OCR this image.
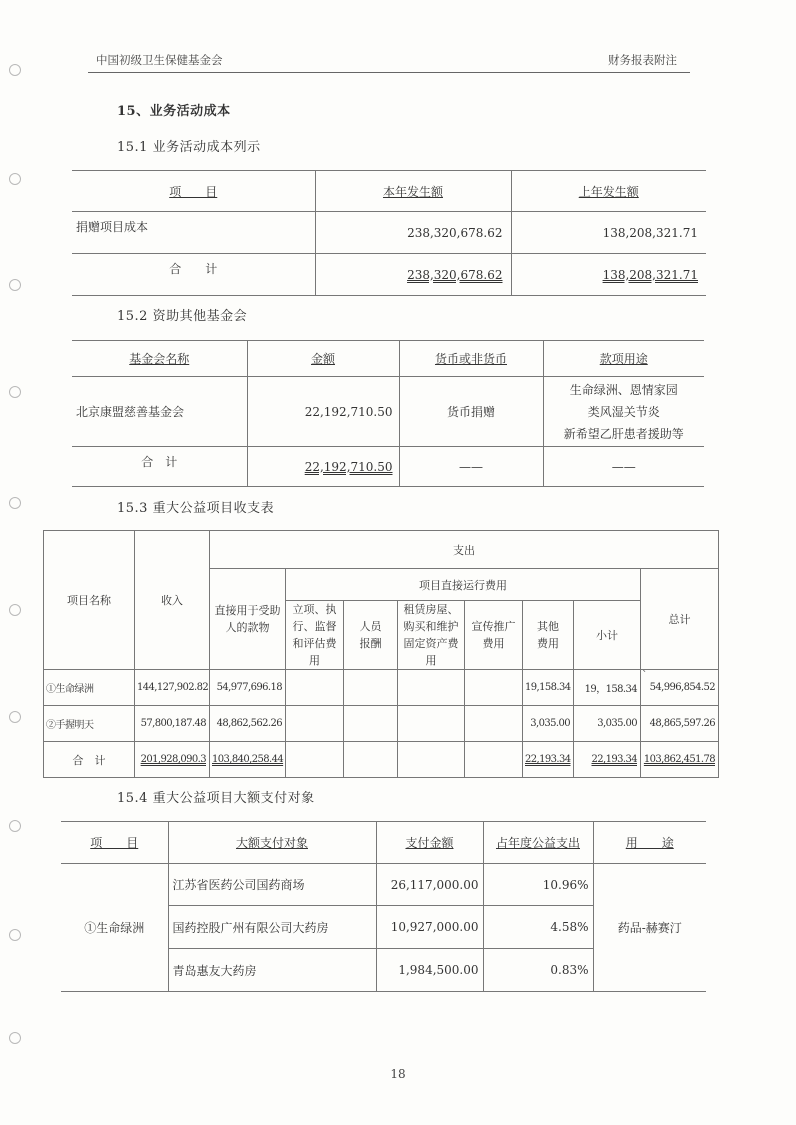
中国初级卫生保健基金会	财务报表附注
15、业务活动成本
15.1 业务活动成本列示
项　　目	本年发生额	上年发生额
捐赠项目成本	238,320,678.62	138,208,321.71
合　　计	238,320,678.62	138,208,321.71
15.2 资助其他基金会
基金会名称	金额	货币或非货币	款项用途
北京康盟慈善基金会	22,192,710.50	货币捐赠	生命绿洲、恩情家园
类风湿关节炎
新希望乙肝患者援助等

合　计	22,192,710.50	——	——
15.3 重大公益项目收支表
项目名称	收入	支出							
		直接用于受助人的款物	项目直接运行费用						总计
			立项、执行、监督和评估费用	人员报酬	租赁房屋、购买和维护固定资产费用	宣传推广费用	其他费用	小计	

①生命绿洲	144,127,902.82	54,977,696.18					19,158.34	19，158.34	54,996,854.52
②手握明天	57,800,187.48	48,862,562.26					3,035.00	3,035.00	48,865,597.26
合　计	201,928,090.3	103,840,258.44					22,193.34	22,193.34	103,862,451.78
15.4 重大公益项目大额支付对象
项　　目	大额支付对象	支付金额	占年度公益支出	用　　途
①生命绿洲	江苏省医药公司国药商场	26,117,000.00	10.96%	药品-赫赛汀
	国药控股广州有限公司大药房	10,927,000.00	4.58%	
	青岛惠友大药房	1,984,500.00	0.83%	
ˋ
18
